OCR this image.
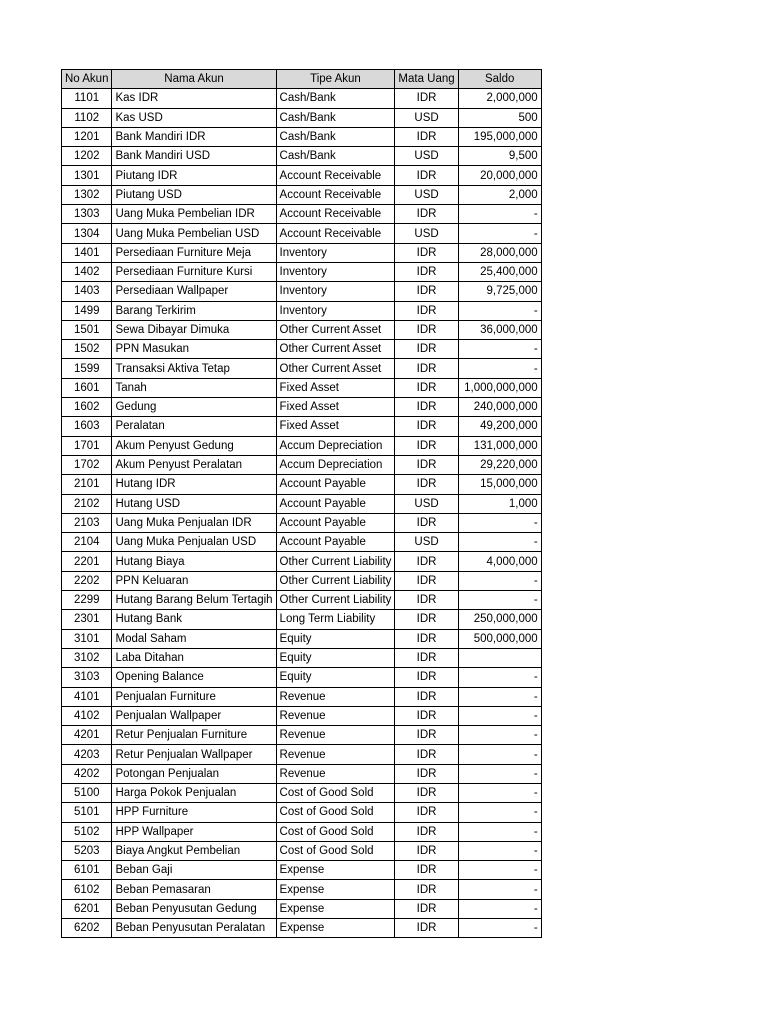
No Akun	Nama Akun	Tipe Akun	Mata Uang	Saldo
1101	Kas IDR	Cash/Bank	IDR	2,000,000
1102	Kas USD	Cash/Bank	USD	500
1201	Bank Mandiri IDR	Cash/Bank	IDR	195,000,000
1202	Bank Mandiri USD	Cash/Bank	USD	9,500
1301	Piutang IDR	Account Receivable	IDR	20,000,000
1302	Piutang USD	Account Receivable	USD	2,000
1303	Uang Muka Pembelian IDR	Account Receivable	IDR	-
1304	Uang Muka Pembelian USD	Account Receivable	USD	-
1401	Persediaan Furniture Meja	Inventory	IDR	28,000,000
1402	Persediaan Furniture Kursi	Inventory	IDR	25,400,000
1403	Persediaan Wallpaper	Inventory	IDR	9,725,000
1499	Barang Terkirim	Inventory	IDR	-
1501	Sewa Dibayar Dimuka	Other Current Asset	IDR	36,000,000
1502	PPN Masukan	Other Current Asset	IDR	-
1599	Transaksi Aktiva Tetap	Other Current Asset	IDR	-
1601	Tanah	Fixed Asset	IDR	1,000,000,000
1602	Gedung	Fixed Asset	IDR	240,000,000
1603	Peralatan	Fixed Asset	IDR	49,200,000
1701	Akum Penyust Gedung	Accum Depreciation	IDR	131,000,000
1702	Akum Penyust Peralatan	Accum Depreciation	IDR	29,220,000
2101	Hutang IDR	Account Payable	IDR	15,000,000
2102	Hutang USD	Account Payable	USD	1,000
2103	Uang Muka Penjualan IDR	Account Payable	IDR	-
2104	Uang Muka Penjualan USD	Account Payable	USD	-
2201	Hutang Biaya	Other Current Liability	IDR	4,000,000
2202	PPN Keluaran	Other Current Liability	IDR	-
2299	Hutang Barang Belum Tertagih	Other Current Liability	IDR	-
2301	Hutang Bank	Long Term Liability	IDR	250,000,000
3101	Modal Saham	Equity	IDR	500,000,000
3102	Laba Ditahan	Equity	IDR	
3103	Opening Balance	Equity	IDR	-
4101	Penjualan Furniture	Revenue	IDR	-
4102	Penjualan Wallpaper	Revenue	IDR	-
4201	Retur Penjualan Furniture	Revenue	IDR	-
4203	Retur Penjualan Wallpaper	Revenue	IDR	-
4202	Potongan Penjualan	Revenue	IDR	-
5100	Harga Pokok Penjualan	Cost of Good Sold	IDR	-
5101	HPP Furniture	Cost of Good Sold	IDR	-
5102	HPP Wallpaper	Cost of Good Sold	IDR	-
5203	Biaya Angkut Pembelian	Cost of Good Sold	IDR	-
6101	Beban Gaji	Expense	IDR	-
6102	Beban Pemasaran	Expense	IDR	-
6201	Beban Penyusutan Gedung	Expense	IDR	-
6202	Beban Penyusutan Peralatan	Expense	IDR	-
